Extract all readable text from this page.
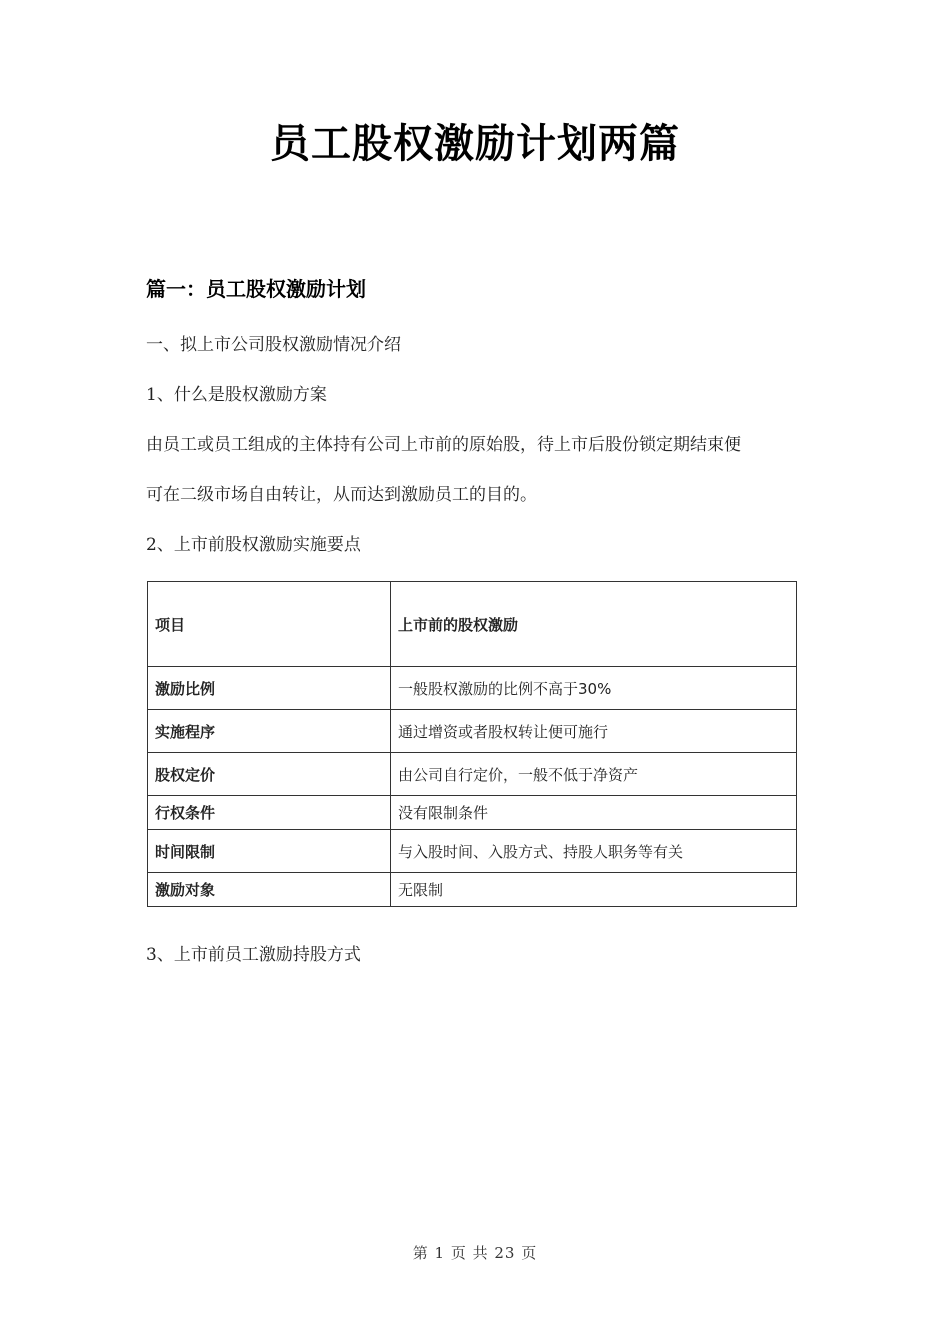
员工股权激励计划两篇
篇一：员工股权激励计划
一、拟上市公司股权激励情况介绍
1、什么是股权激励方案
由员工或员工组成的主体持有公司上市前的原始股，待上市后股份锁定期结束便
可在二级市场自由转让，从而达到激励员工的目的。
2、上市前股权激励实施要点
项目	上市前的股权激励
激励比例	一般股权激励的比例不高于30%
实施程序	通过增资或者股权转让便可施行
股权定价	由公司自行定价，一般不低于净资产
行权条件	没有限制条件
时间限制	与入股时间、入股方式、持股人职务等有关
激励对象	无限制
3、上市前员工激励持股方式
第 1 页 共 23 页
